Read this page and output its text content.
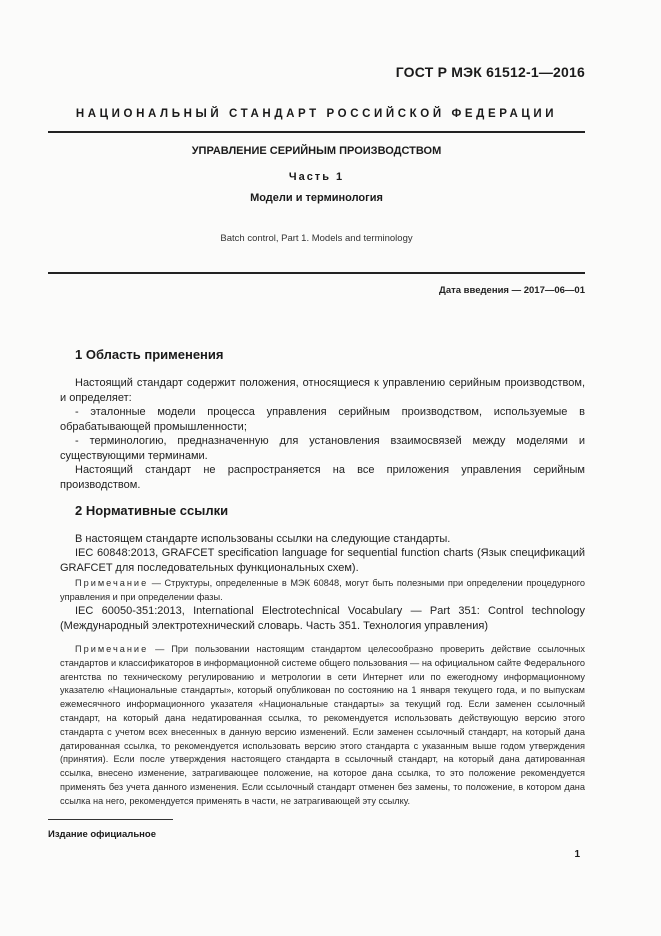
ГОСТ Р МЭК 61512-1—2016
НАЦИОНАЛЬНЫЙ СТАНДАРТ РОССИЙСКОЙ ФЕДЕРАЦИИ
УПРАВЛЕНИЕ СЕРИЙНЫМ ПРОИЗВОДСТВОМ
Часть 1
Модели и терминология
Batch control, Part 1. Models and terminology
Дата введения — 2017—06—01
1 Область применения
Настоящий стандарт содержит положения, относящиеся к управлению серийным производством, и определяет:
- эталонные модели процесса управления серийным производством, используемые в обрабатывающей промышленности;
- терминологию, предназначенную для установления взаимосвязей между моделями и существующими терминами.
Настоящий стандарт не распространяется на все приложения управления серийным производством.
2 Нормативные ссылки
В настоящем стандарте использованы ссылки на следующие стандарты.
IEC 60848:2013, GRAFCET specification language for sequential function charts (Язык спецификаций GRAFCET для последовательных функциональных схем).
Примечание — Структуры, определенные в МЭК 60848, могут быть полезными при определении процедурного управления и при определении фазы.
IEC 60050-351:2013, International Electrotechnical Vocabulary — Part 351: Control technology (Международный электротехнический словарь. Часть 351. Технология управления)
Примечание — При пользовании настоящим стандартом целесообразно проверить действие ссылочных стандартов и классификаторов в информационной системе общего пользования — на официальном сайте Федерального агентства по техническому регулированию и метрологии в сети Интернет или по ежегодному информационному указателю «Национальные стандарты», который опубликован по состоянию на 1 января текущего года, и по выпускам ежемесячного информационного указателя «Национальные стандарты» за текущий год. Если заменен ссылочный стандарт, на который дана недатированная ссылка, то рекомендуется использовать действующую версию этого стандарта с учетом всех внесенных в данную версию изменений. Если заменен ссылочный стандарт, на который дана датированная ссылка, то рекомендуется использовать версию этого стандарта с указанным выше годом утверждения (принятия). Если после утверждения настоящего стандарта в ссылочный стандарт, на который дана датированная ссылка, внесено изменение, затрагивающее положение, на которое дана ссылка, то это положение рекомендуется применять без учета данного изменения. Если ссылочный стандарт отменен без замены, то положение, в котором дана ссылка на него, рекомендуется применять в части, не затрагивающей эту ссылку.
Издание официальное
1
